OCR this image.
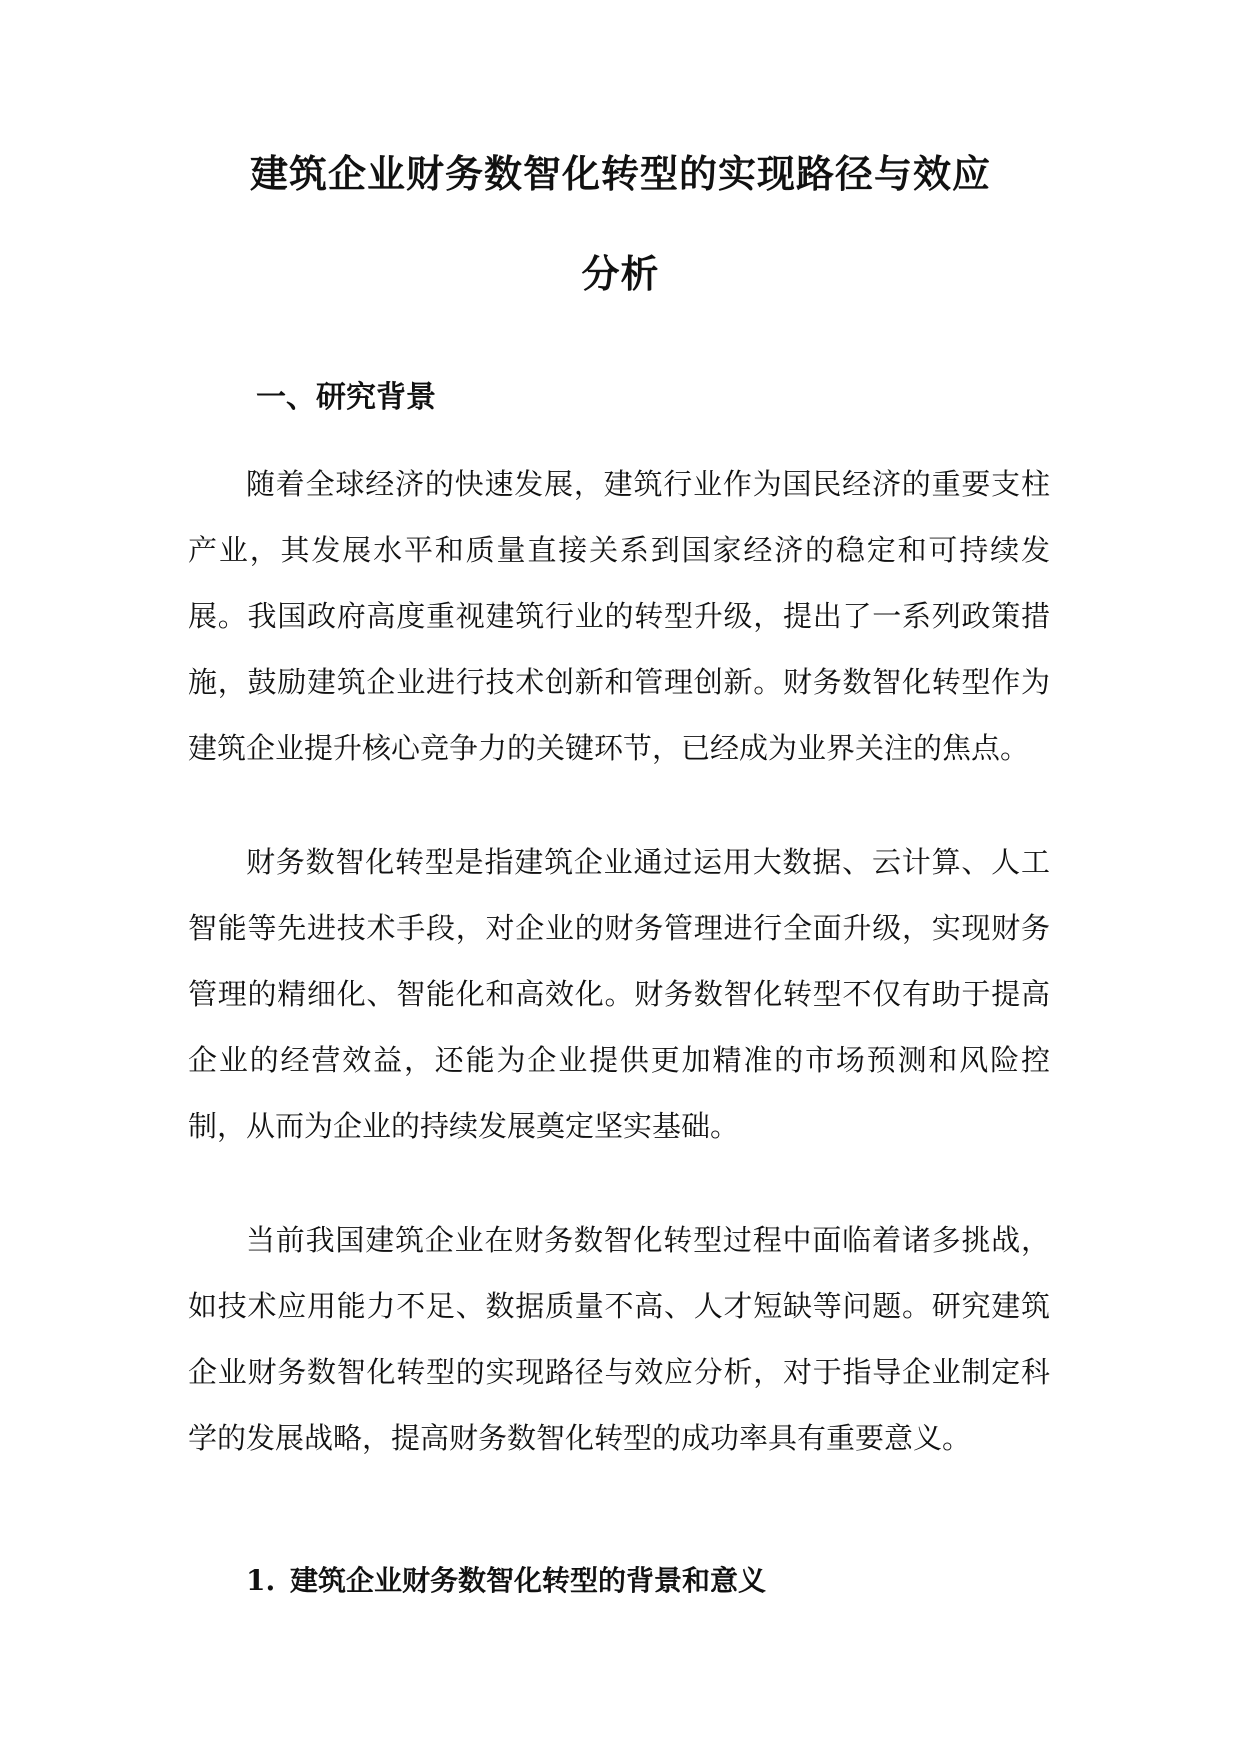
建筑企业财务数智化转型的实现路径与效应
分析
一、研究背景

随着全球经济的快速发展，建筑行业作为国民经济的重要支柱产业，其发展水平和质量直接关系到国家经济的稳定和可持续发展。我国政府高度重视建筑行业的转型升级，提出了一系列政策措施，鼓励建筑企业进行技术创新和管理创新。财务数智化转型作为建筑企业提升核心竞争力的关键环节，已经成为业界关注的焦点。

财务数智化转型是指建筑企业通过运用大数据、云计算、人工智能等先进技术手段，对企业的财务管理进行全面升级，实现财务管理的精细化、智能化和高效化。财务数智化转型不仅有助于提高企业的经营效益，还能为企业提供更加精准的市场预测和风险控制，从而为企业的持续发展奠定坚实基础。

当前我国建筑企业在财务数智化转型过程中面临着诸多挑战，如技术应用能力不足、数据质量不高、人才短缺等问题。研究建筑企业财务数智化转型的实现路径与效应分析，对于指导企业制定科学的发展战略，提高财务数智化转型的成功率具有重要意义。

1. 建筑企业财务数智化转型的背景和意义
